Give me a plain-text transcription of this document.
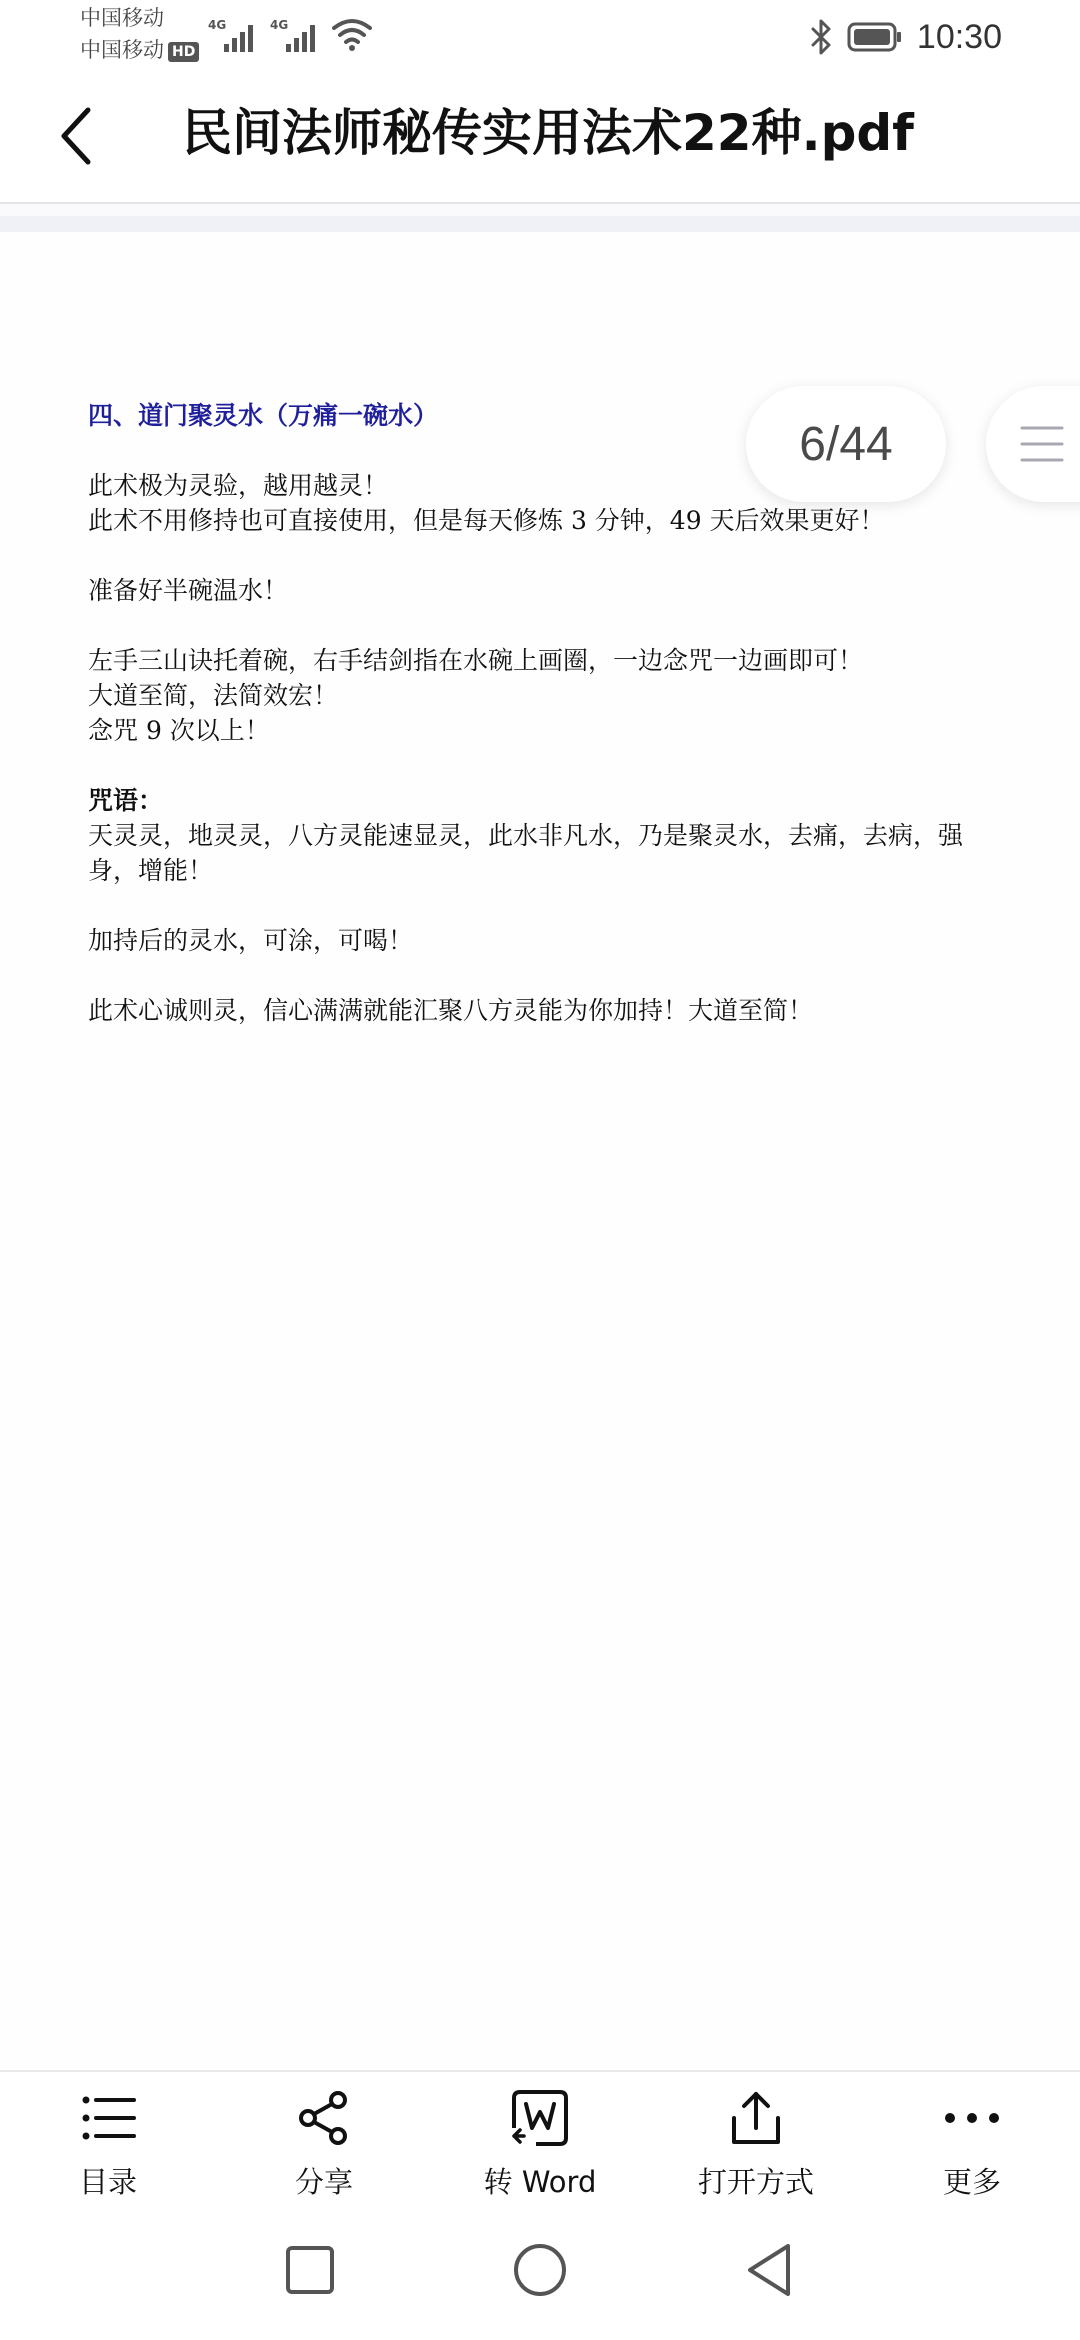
中国移动
中国移动 HD
4G	4G	10:30
民间法师秘传实用法术22种.pdf

四、道门聚灵水（万痛一碗水）

此术极为灵验，越用越灵！

此术不用修持也可直接使用，但是每天修炼 3 分钟，49 天后效果更好！

准备好半碗温水！

左手三山诀托着碗，右手结剑指在水碗上画圈，一边念咒一边画即可！

大道至简，法简效宏！

念咒 9 次以上！

咒语：

天灵灵，地灵灵，八方灵能速显灵，此水非凡水，乃是聚灵水，去痛，去病，强

身，增能！

加持后的灵水，可涂，可喝！

此术心诚则灵，信心满满就能汇聚八方灵能为你加持！大道至简！

6/44
目录	分享	转 Word	打开方式	更多
